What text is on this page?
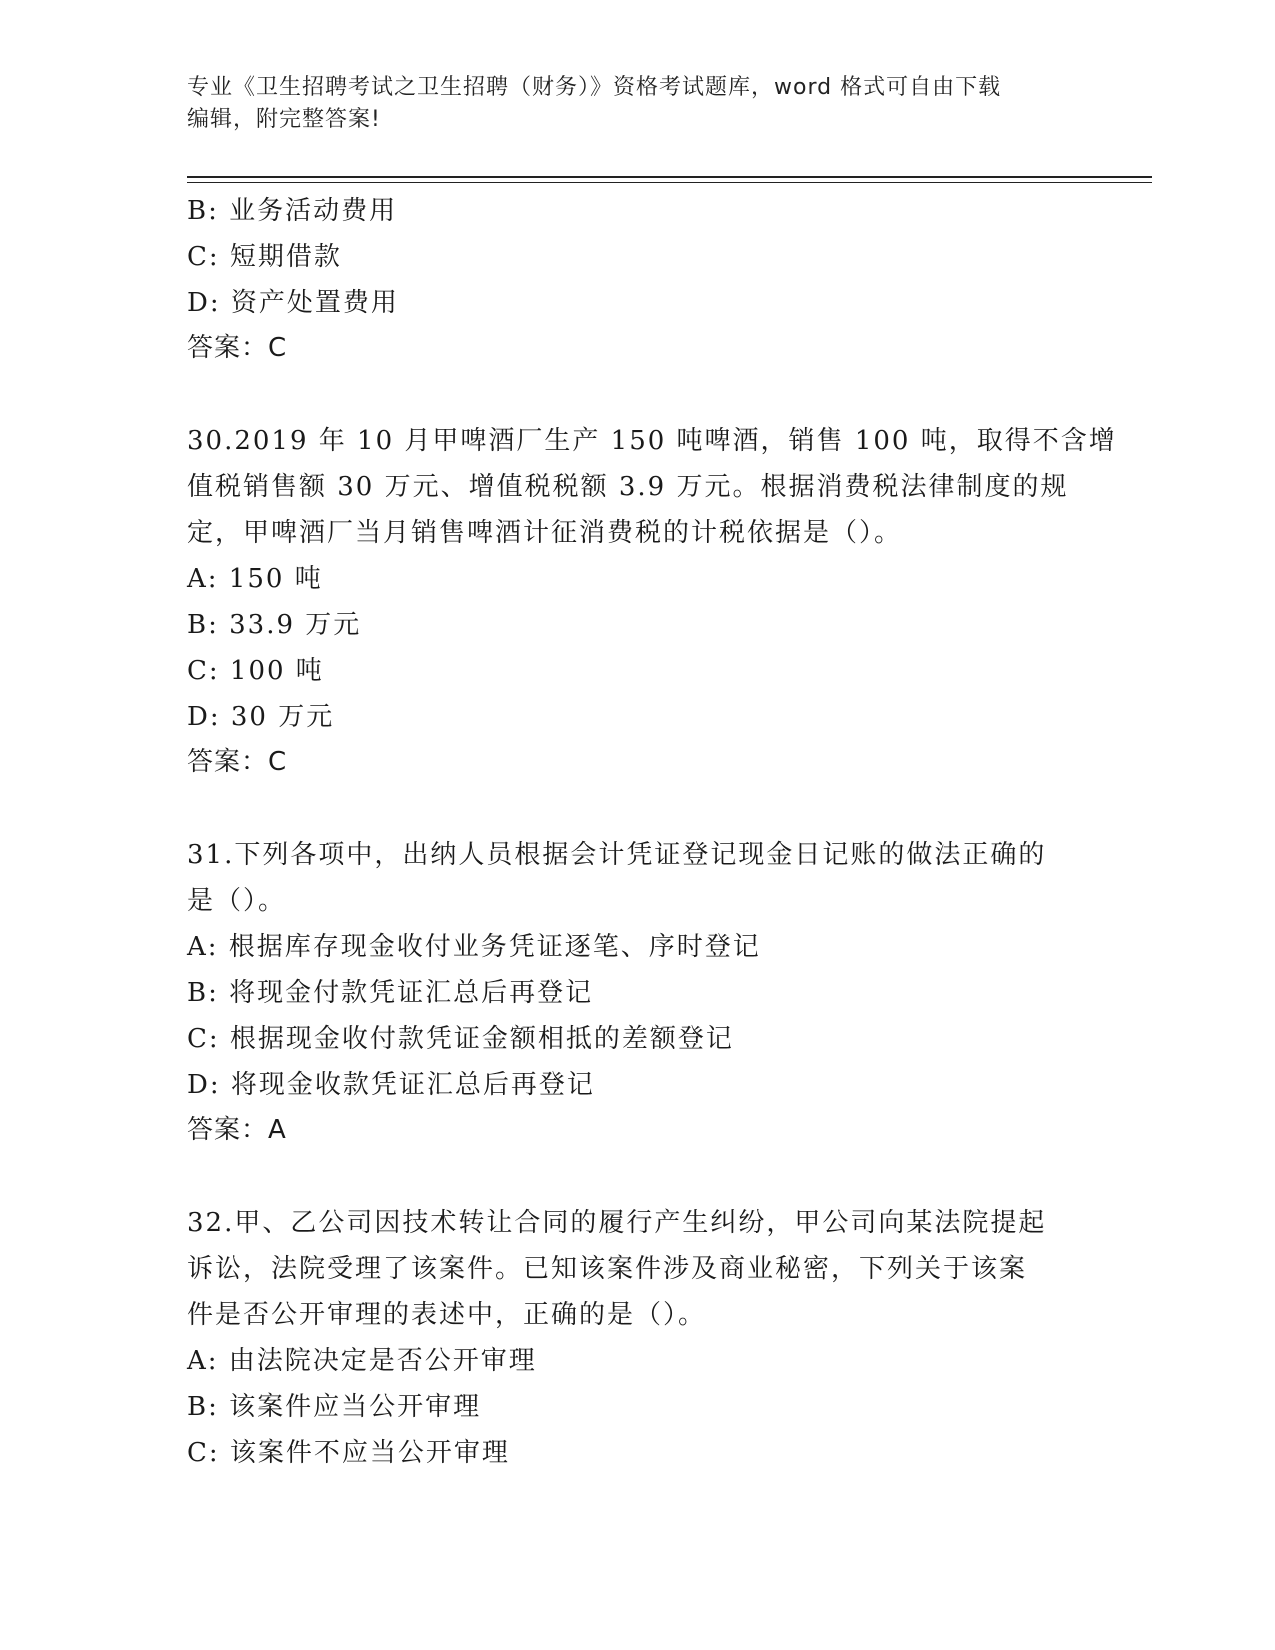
专业《卫生招聘考试之卫生招聘（财务）》资格考试题库，word 格式可自由下载
编辑，附完整答案!
B: 业务活动费用
C: 短期借款
D: 资产处置费用
答案：C
30.2019 年 10 月甲啤酒厂生产 150 吨啤酒，销售 100 吨，取得不含增
值税销售额 30 万元、增值税税额 3.9 万元。根据消费税法律制度的规
定，甲啤酒厂当月销售啤酒计征消费税的计税依据是（）。
A: 150 吨
B: 33.9 万元
C: 100 吨
D: 30 万元
答案：C
31.下列各项中，出纳人员根据会计凭证登记现金日记账的做法正确的
是（）。
A: 根据库存现金收付业务凭证逐笔、序时登记
B: 将现金付款凭证汇总后再登记
C: 根据现金收付款凭证金额相抵的差额登记
D: 将现金收款凭证汇总后再登记
答案：A
32.甲、乙公司因技术转让合同的履行产生纠纷，甲公司向某法院提起
诉讼，法院受理了该案件。已知该案件涉及商业秘密，下列关于该案
件是否公开审理的表述中，正确的是（）。
A: 由法院决定是否公开审理
B: 该案件应当公开审理
C: 该案件不应当公开审理
